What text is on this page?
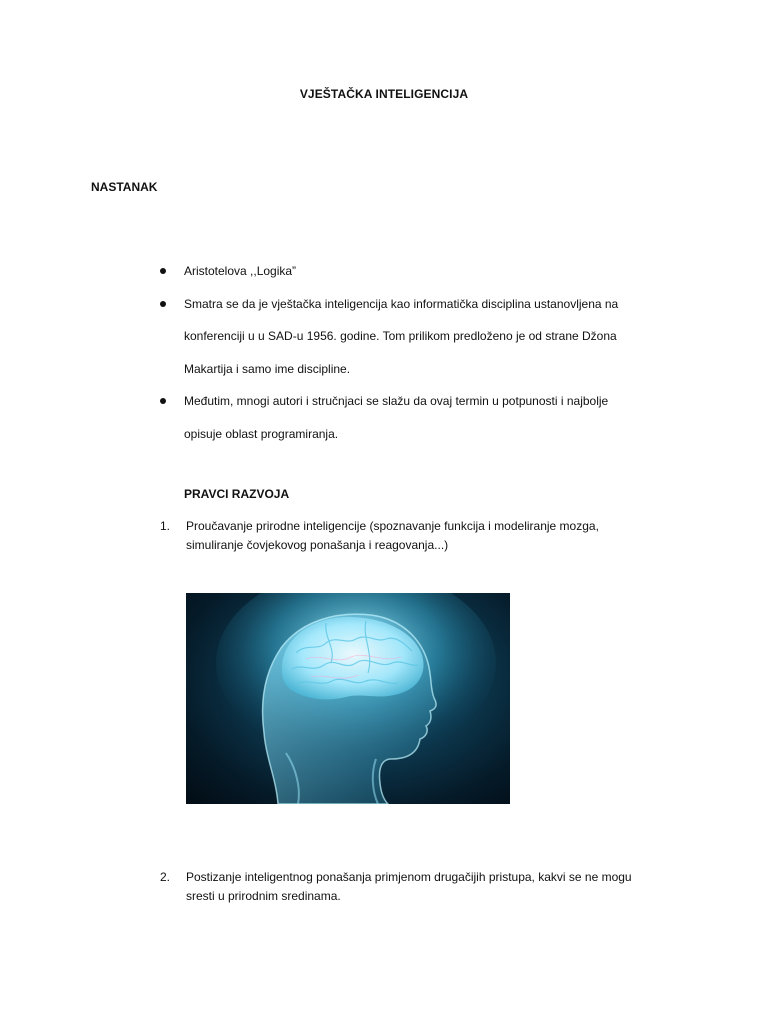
VJEŠTAČKA INTELIGENCIJA
NASTANAK
Aristotelova ,,Logika”
Smatra se da je vještačka inteligencija kao informatička disciplina ustanovljena na
konferenciji u u SAD-u 1956. godine. Tom prilikom predloženo je od strane Džona
Makartija i samo ime discipline.
Međutim, mnogi autori i stručnjaci se slažu da ovaj termin u potpunosti i najbolje
opisuje oblast programiranja.
PRAVCI RAZVOJA
1.	Proučavanje prirodne inteligencije (spoznavanje funkcija i modeliranje mozga,
simuliranje čovjekovog ponašanja i reagovanja...)
2.	Postizanje inteligentnog ponašanja primjenom drugačijih pristupa, kakvi se ne mogu
sresti u prirodnim sredinama.
